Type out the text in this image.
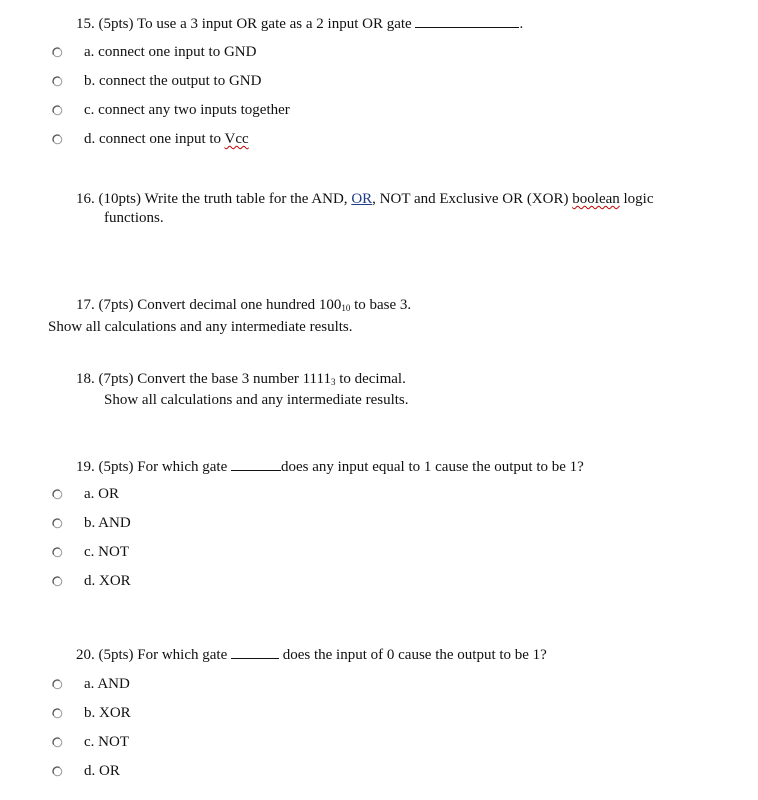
15. (5pts) To use a 3 input OR gate as a 2 input OR gate	.
a. connect one input to GND
b. connect the output to GND
c. connect any two inputs together
d. connect one input to Vcc
16. (10pts) Write the truth table for the AND, OR, NOT and Exclusive OR (XOR) boolean logic
functions.
17. (7pts) Convert decimal one hundred $100_{10}$ to base 3.
Show all calculations and any intermediate results.
18. (7pts) Convert the base 3 number $1111_3$ to decimal.
Show all calculations and any intermediate results.
19. (5pts) For which gate	does any input equal to 1 cause the output to be 1?
a. OR
b. AND
c. NOT
d. XOR
20. (5pts) For which gate	does the input of 0 cause the output to be 1?
a. AND
b. XOR
c. NOT
d. OR
